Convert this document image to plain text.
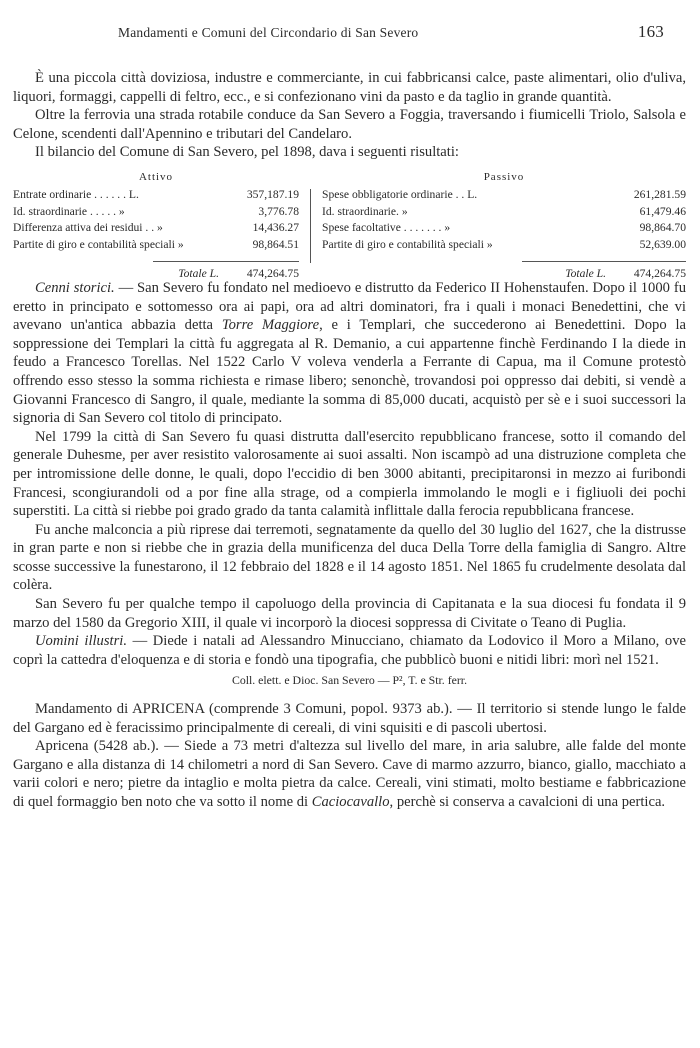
Mandamenti e Comuni del Circondario di San Severo	163

È una piccola città doviziosa, industre e commerciante, in cui fabbricansi calce, paste alimentari, olio d'uliva, liquori, formaggi, cappelli di feltro, ecc., e si confezionano vini da pasto e da taglio in grande quantità.

Oltre la ferrovia una strada rotabile conduce da San Severo a Foggia, traversando i fiumicelli Triolo, Salsola e Celone, scendenti dall'Apennino e tributari del Candelaro.

Il bilancio del Comune di San Severo, pel 1898, dava i seguenti risultati:

Attivo
Entrate ordinarie . . . . . . L.	357,187.19
Id. straordinarie . . . . . »	3,776.78
Differenza attiva dei residui . . »	14,436.27
Partite di giro e contabilità speciali »	98,864.51
Totale L. 474,264.75
Passivo
Spese obbligatorie ordinarie . . L.	261,281.59
Id. straordinarie. »	61,479.46
Spese facoltative . . . . . . . »	98,864.70
Partite di giro e contabilità speciali »	52,639.00
Totale L. 474,264.75

Cenni storici. — San Severo fu fondato nel medioevo e distrutto da Federico II Hohenstaufen. Dopo il 1000 fu eretto in principato e sottomesso ora ai papi, ora ad altri dominatori, fra i quali i monaci Benedettini, che vi avevano un'antica abbazia detta Torre Maggiore, e i Templari, che succederono ai Benedettini. Dopo la soppressione dei Templari la città fu aggregata al R. Demanio, a cui appartenne finchè Ferdinando I la diede in feudo a Francesco Torellas. Nel 1522 Carlo V voleva venderla a Ferrante di Capua, ma il Comune protestò offrendo esso stesso la somma richiesta e rimase libero; senonchè, trovandosi poi oppresso dai debiti, si vendè a Giovanni Francesco di Sangro, il quale, mediante la somma di 85,000 ducati, acquistò per sè e i suoi successori la signoria di San Severo col titolo di principato.

Nel 1799 la città di San Severo fu quasi distrutta dall'esercito repubblicano francese, sotto il comando del generale Duhesme, per aver resistito valorosamente ai suoi assalti. Non iscampò ad una distruzione completa che per intromissione delle donne, le quali, dopo l'eccidio di ben 3000 abitanti, precipitaronsi in mezzo ai furibondi Francesi, scongiurandoli od a por fine alla strage, od a compierla immolando le mogli e i figliuoli dei pochi superstiti. La città si riebbe poi grado grado da tanta calamità inflittale dalla ferocia repubblicana francese.

Fu anche malconcia a più riprese dai terremoti, segnatamente da quello del 30 luglio del 1627, che la distrusse in gran parte e non si riebbe che in grazia della munificenza del duca Della Torre della famiglia di Sangro. Altre scosse successive la funestarono, il 12 febbraio del 1828 e il 14 agosto 1851. Nel 1865 fu crudelmente desolata dal colèra.

San Severo fu per qualche tempo il capoluogo della provincia di Capitanata e la sua diocesi fu fondata il 9 marzo del 1580 da Gregorio XIII, il quale vi incorporò la diocesi soppressa di Civitate o Teano di Puglia.

Uomini illustri. — Diede i natali ad Alessandro Minucciano, chiamato da Lodovico il Moro a Milano, ove coprì la cattedra d'eloquenza e di storia e fondò una tipografia, che pubblicò buoni e nitidi libri: morì nel 1521.

Coll. elett. e Dioc. San Severo — P², T. e Str. ferr.

Mandamento di APRICENA (comprende 3 Comuni, popol. 9373 ab.). — Il territorio si stende lungo le falde del Gargano ed è feracissimo principalmente di cereali, di vini squisiti e di pascoli ubertosi.

Apricena (5428 ab.). — Siede a 73 metri d'altezza sul livello del mare, in aria salubre, alle falde del monte Gargano e alla distanza di 14 chilometri a nord di San Severo. Cave di marmo azzurro, bianco, giallo, macchiato a varii colori e nero; pietre da intaglio e molta pietra da calce. Cereali, vini stimati, molto bestiame e fabbricazione di quel formaggio ben noto che va sotto il nome di Caciocavallo, perchè si conserva a cavalcioni di una pertica.
